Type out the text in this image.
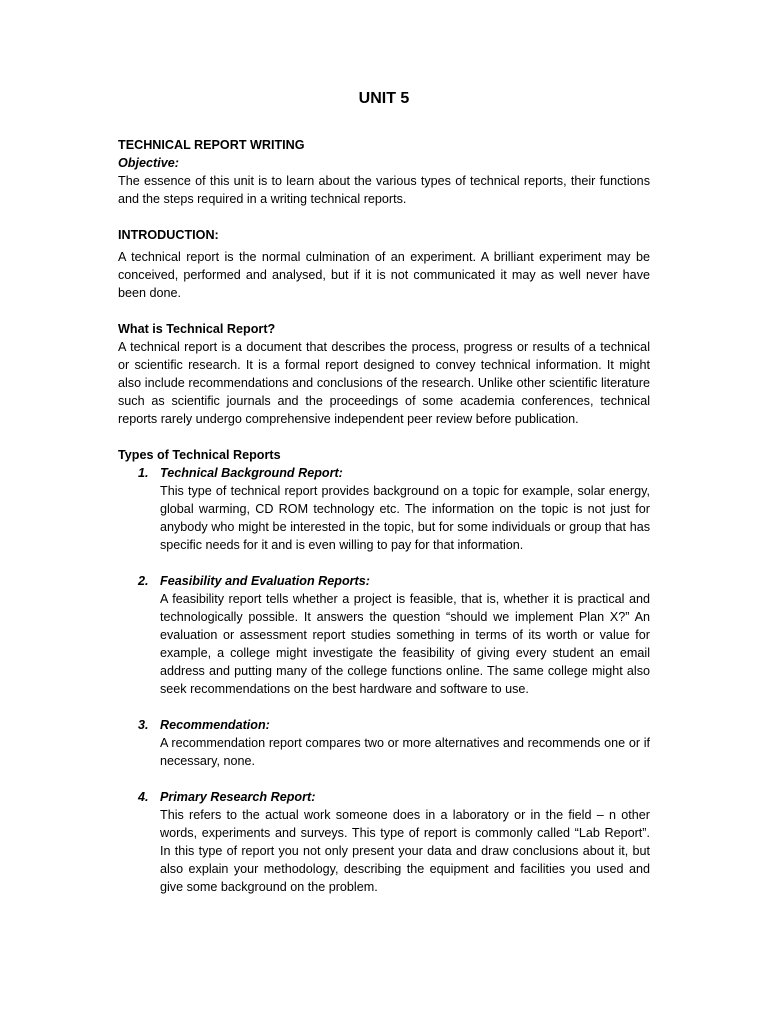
UNIT 5

TECHNICAL REPORT WRITING

Objective:

The essence of this unit is to learn about the various types of technical reports, their functions and the steps required in a writing technical reports.

INTRODUCTION:

A technical report is the normal culmination of an experiment. A brilliant experiment may be conceived, performed and analysed, but if it is not communicated it may as well never have been done.

What is Technical Report?

A technical report is a document that describes the process, progress or results of a technical or scientific research. It is a formal report designed to convey technical information. It might also include recommendations and conclusions of the research. Unlike other scientific literature such as scientific journals and the proceedings of some academia conferences, technical reports rarely undergo comprehensive independent peer review before publication.

Types of Technical Reports

1. Technical Background Report:

This type of technical report provides background on a topic for example, solar energy, global warming, CD ROM technology etc. The information on the topic is not just for anybody who might be interested in the topic, but for some individuals or group that has specific needs for it and is even willing to pay for that information.

2. Feasibility and Evaluation Reports:

A feasibility report tells whether a project is feasible, that is, whether it is practical and technologically possible. It answers the question “should we implement Plan X?” An evaluation or assessment report studies something in terms of its worth or value for example, a college might investigate the feasibility of giving every student an email address and putting many of the college functions online. The same college might also seek recommendations on the best hardware and software to use.

3. Recommendation:

A recommendation report compares two or more alternatives and recommends one or if necessary, none.

4. Primary Research Report:

This refers to the actual work someone does in a laboratory or in the field – n other words, experiments and surveys. This type of report is commonly called “Lab Report”. In this type of report you not only present your data and draw conclusions about it, but also explain your methodology, describing the equipment and facilities you used and give some background on the problem.
